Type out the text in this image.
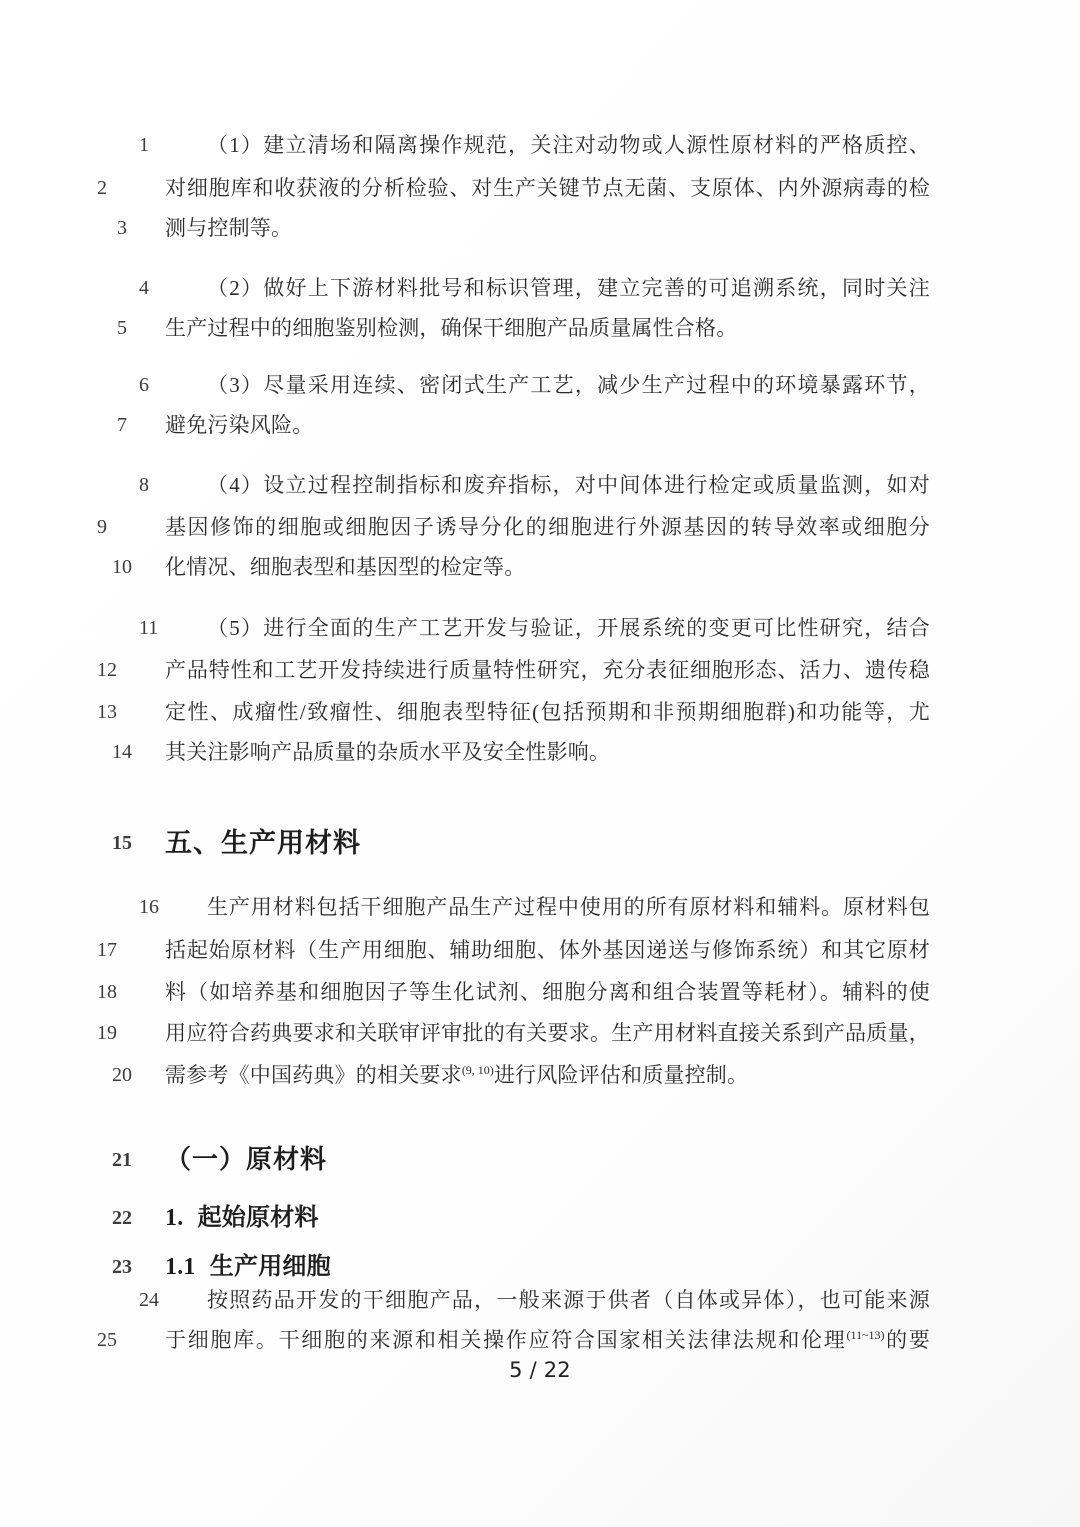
1	（1）建立清场和隔离操作规范，关注对动物或人源性原材料的严格质控、
2	对细胞库和收获液的分析检验、对生产关键节点无菌、支原体、内外源病毒的检
3	测与控制等。
4	（2）做好上下游材料批号和标识管理，建立完善的可追溯系统，同时关注
5	生产过程中的细胞鉴别检测，确保干细胞产品质量属性合格。
6	（3）尽量采用连续、密闭式生产工艺，减少生产过程中的环境暴露环节，
7	避免污染风险。
8	（4）设立过程控制指标和废弃指标，对中间体进行检定或质量监测，如对
9	基因修饰的细胞或细胞因子诱导分化的细胞进行外源基因的转导效率或细胞分
10	化情况、细胞表型和基因型的检定等。
11 （5）进行全面的生产工艺开发与验证，开展系统的变更可比性研究，结合
12	产品特性和工艺开发持续进行质量特性研究，充分表征细胞形态、活力、遗传稳
13	定性、成瘤性/致瘤性、细胞表型特征(包括预期和非预期细胞群)和功能等，尤
14	其关注影响产品质量的杂质水平及安全性影响。
15	五、生产用材料
16 生产用材料包括干细胞产品生产过程中使用的所有原材料和辅料。原材料包
17	括起始原材料（生产用细胞、辅助细胞、体外基因递送与修饰系统）和其它原材
18	料（如培养基和细胞因子等生化试剂、细胞分离和组合装置等耗材）。辅料的使
19	用应符合药典要求和关联审评审批的有关要求。生产用材料直接关系到产品质量，
20	需参考《中国药典》的相关要求$^{(9, 10)}$进行风险评估和质量控制。
21	（一）原材料
22	1. 起始原材料
23	1.1 生产用细胞
24 按照药品开发的干细胞产品，一般来源于供者（自体或异体），也可能来源
25	于细胞库。干细胞的来源和相关操作应符合国家相关法律法规和伦理$^{(11\sim 13)}$的要
5 / 22
